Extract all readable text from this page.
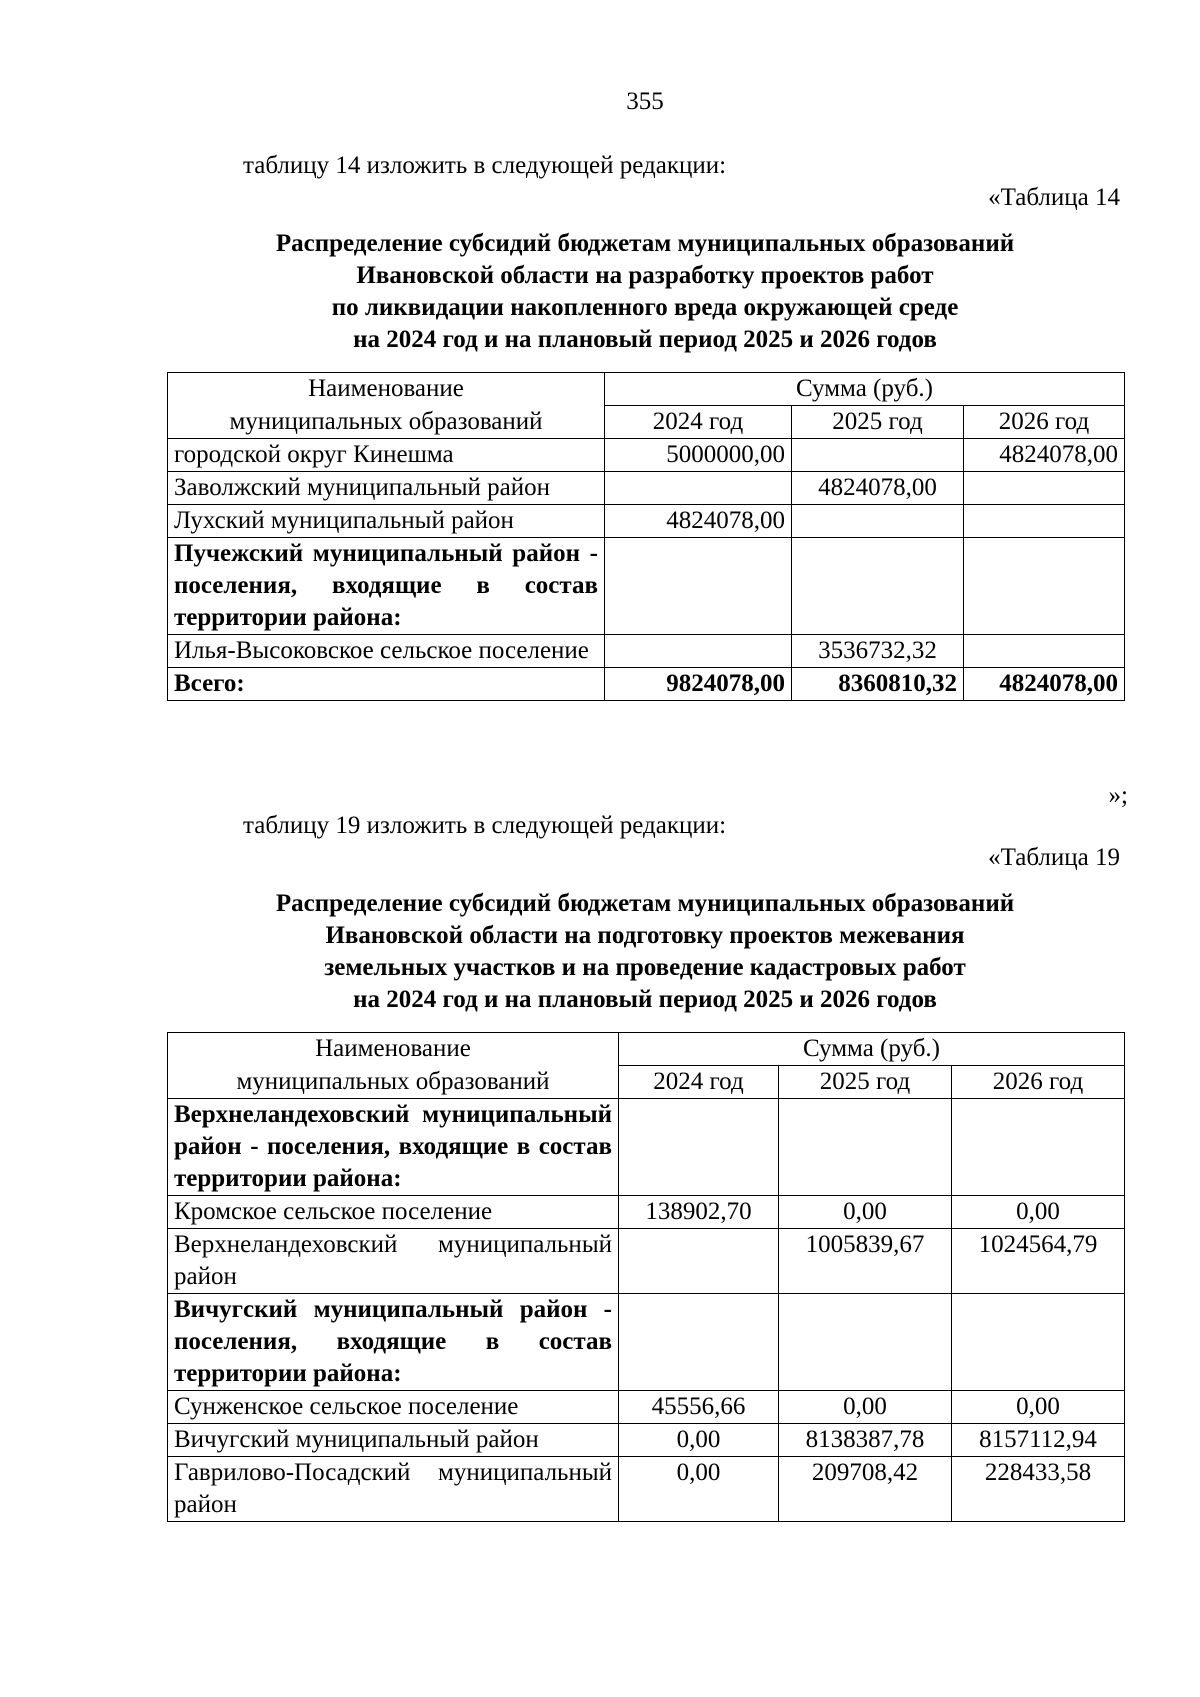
355
таблицу 14 изложить в следующей редакции:
«Таблица 14
Распределение субсидий бюджетам муниципальных образований
Ивановской области на разработку проектов работ
по ликвидации накопленного вреда окружающей среде
на 2024 год и на плановый период 2025 и 2026 годов
Наименование	Сумма (руб.)		
муниципальных образований	2024 год	2025 год	2026 год
городской округ Кинешма	5000000,00		4824078,00
Заволжский муниципальный район		4824078,00	
Лухский муниципальный район	4824078,00		
Пучежский муниципальный район - поселения, входящие в состав территории района:			
Илья-Высоковское сельское поселение		3536732,32	
Всего:	9824078,00	8360810,32	4824078,00
»;
таблицу 19 изложить в следующей редакции:
«Таблица 19
Распределение субсидий бюджетам муниципальных образований
Ивановской области на подготовку проектов межевания
земельных участков и на проведение кадастровых работ
на 2024 год и на плановый период 2025 и 2026 годов
Наименование	Сумма (руб.)		
муниципальных образований	2024 год	2025 год	2026 год
Верхнеландеховский муниципальный район - поселения, входящие в состав территории района:			
Кромское сельское поселение	138902,70	0,00	0,00
Верхнеландеховский муниципальный район		1005839,67	1024564,79
Вичугский муниципальный район - поселения, входящие в состав территории района:			
Сунженское сельское поселение	45556,66	0,00	0,00
Вичугский муниципальный район	0,00	8138387,78	8157112,94
Гаврилово-Посадский муниципальный район	0,00	209708,42	228433,58
